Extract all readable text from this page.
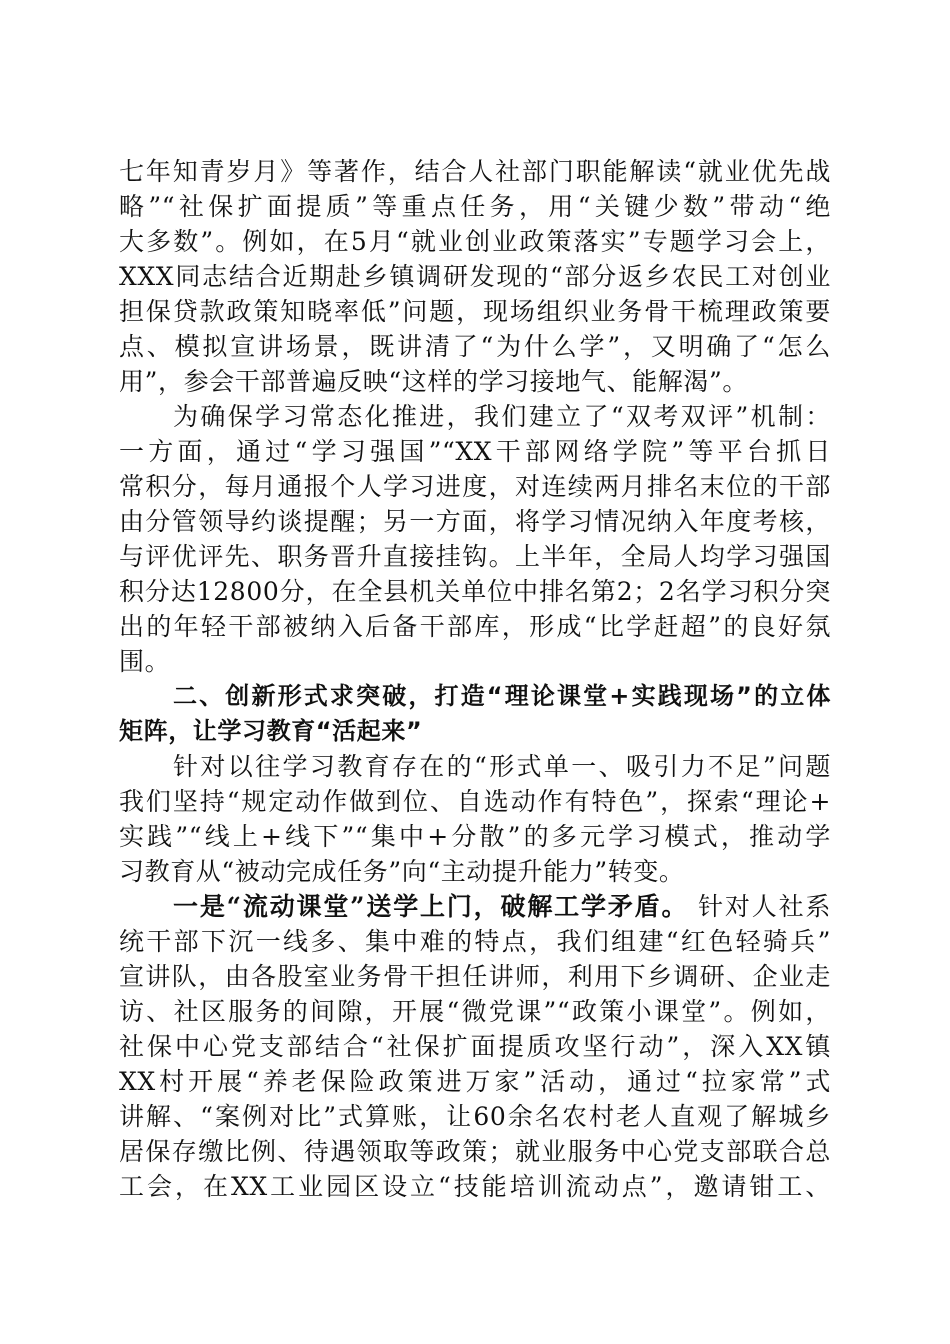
七年知青岁月》等著作，结合人社部门职能解读“就业优先战
略”“社保扩面提质”等重点任务，用“关键少数”带动“绝
大多数”。例如，在5月“就业创业政策落实”专题学习会上，
XXX同志结合近期赴乡镇调研发现的“部分返乡农民工对创业
担保贷款政策知晓率低”问题，现场组织业务骨干梳理政策要
点、模拟宣讲场景，既讲清了“为什么学”，又明确了“怎么
用”，参会干部普遍反映“这样的学习接地气、能解渴”。
为确保学习常态化推进，我们建立了“双考双评”机制：
一方面，通过“学习强国”“XX干部网络学院”等平台抓日
常积分，每月通报个人学习进度，对连续两月排名末位的干部
由分管领导约谈提醒；另一方面，将学习情况纳入年度考核，
与评优评先、职务晋升直接挂钩。上半年，全局人均学习强国
积分达12800分，在全县机关单位中排名第2；2名学习积分突
出的年轻干部被纳入后备干部库，形成“比学赶超”的良好氛
围。
二、创新形式求突破，打造“理论课堂+实践现场”的立体
矩阵，让学习教育“活起来”
针对以往学习教育存在的“形式单一、吸引力不足”问题
我们坚持“规定动作做到位、自选动作有特色”，探索“理论+
实践”“线上+线下”“集中+分散”的多元学习模式，推动学
习教育从“被动完成任务”向“主动提升能力”转变。
一是“流动课堂”送学上门，破解工学矛盾。 针对人社系
统干部下沉一线多、集中难的特点，我们组建“红色轻骑兵”
宣讲队，由各股室业务骨干担任讲师，利用下乡调研、企业走
访、社区服务的间隙，开展“微党课”“政策小课堂”。例如，
社保中心党支部结合“社保扩面提质攻坚行动”，深入XX镇
XX村开展“养老保险政策进万家”活动，通过“拉家常”式
讲解、“案例对比”式算账，让60余名农村老人直观了解城乡
居保存缴比例、待遇领取等政策；就业服务中心党支部联合总
工会，在XX工业园区设立“技能培训流动点”，邀请钳工、
